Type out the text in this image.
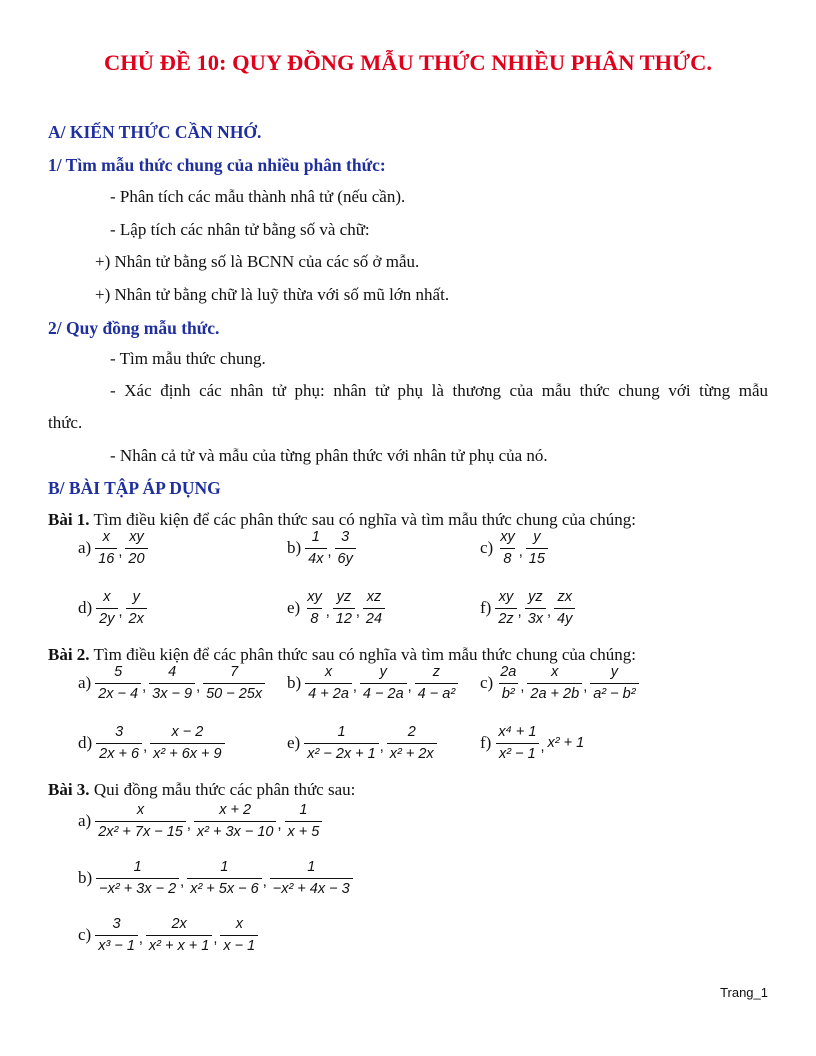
CHỦ ĐỀ 10: QUY ĐỒNG MẪU THỨC NHIỀU PHÂN THỨC.
A/ KIẾN THỨC CẦN NHỚ.
1/ Tìm mẫu thức chung của nhiều phân thức:
- Phân tích các mẫu thành nhâ tử (nếu cần).
- Lập tích các nhân tử bằng số và chữ:
+) Nhân tử bằng số là BCNN của các số ở mẫu.
+) Nhân tử bằng chữ là luỹ thừa với số mũ lớn nhất.
2/ Quy đồng mẫu thức.
- Tìm mẫu thức chung.
- Xác định các nhân tử phụ: nhân tử phụ là thương của mẫu thức chung với từng mẫu
thức.
- Nhân cả tử và mẫu của từng phân thức với nhân tử phụ của nó.
B/ BÀI TẬP ÁP DỤNG
Bài 1. Tìm điều kiện để các phân thức sau có nghĩa và tìm mẫu thức chung của chúng:
Bài 2. Tìm điều kiện để các phân thức sau có nghĩa và tìm mẫu thức chung của chúng:
Bài 3. Qui đồng mẫu thức các phân thức sau:
$a) \frac{x}{16}$ , $\frac{xy}{20}$	$b) \frac{1}{4x}$ , $\frac{3}{6y}$	$c) \frac{xy}{8}$ , $\frac{y}{15}$
$d) \frac{x}{2y}$ , $\frac{y}{2x}$	$e) \frac{xy}{8}$ , $\frac{yz}{12}$ , $\frac{xz}{24}$	$f) \frac{xy}{2z}$ , $\frac{yz}{3x}$ , $\frac{zx}{4y}$
$a) \frac{5}{2x - 4}$ , $\frac{4}{3x - 9}$ , $\frac{7}{50 - 25x} b) \frac{x}{4 + 2a}$ , $\frac{y}{4 - 2a}$ , $\frac{z}{\text{4 − a²}} c) \frac{2a}{\text{b²}}$ , $\frac{x}{2a + 2b}$ , $\frac{y}{\text{a² − b²}}$
$d) \frac{3}{2x + 6}$ , $\frac{x - 2}{\text{x² + 6x + 9}}$	$e) \frac{1}{\text{x² − 2x + 1}}$ , $\frac{2}{\text{x² + 2x}}$	$f) \frac{\text{x⁴ + 1}}{\text{x² − 1}}$ , x² + 1
$a) \frac{x}{\text{2x² + 7x − 15}}$ , $\frac{x + 2}{\text{x² + 3x − 10}}$ , $\frac{1}{x + 5}$
$b) \frac{1}{\text{−x² + 3x − 2}}$ , $\frac{1}{\text{x² + 5x − 6}}$ , $\frac{1}{\text{−x² + 4x − 3}}$
$c) \frac{3}{\text{x³ − 1}}$ , $\frac{2x}{\text{x² + x + 1}}$ , $\frac{x}{x - 1}$
Trang_1
